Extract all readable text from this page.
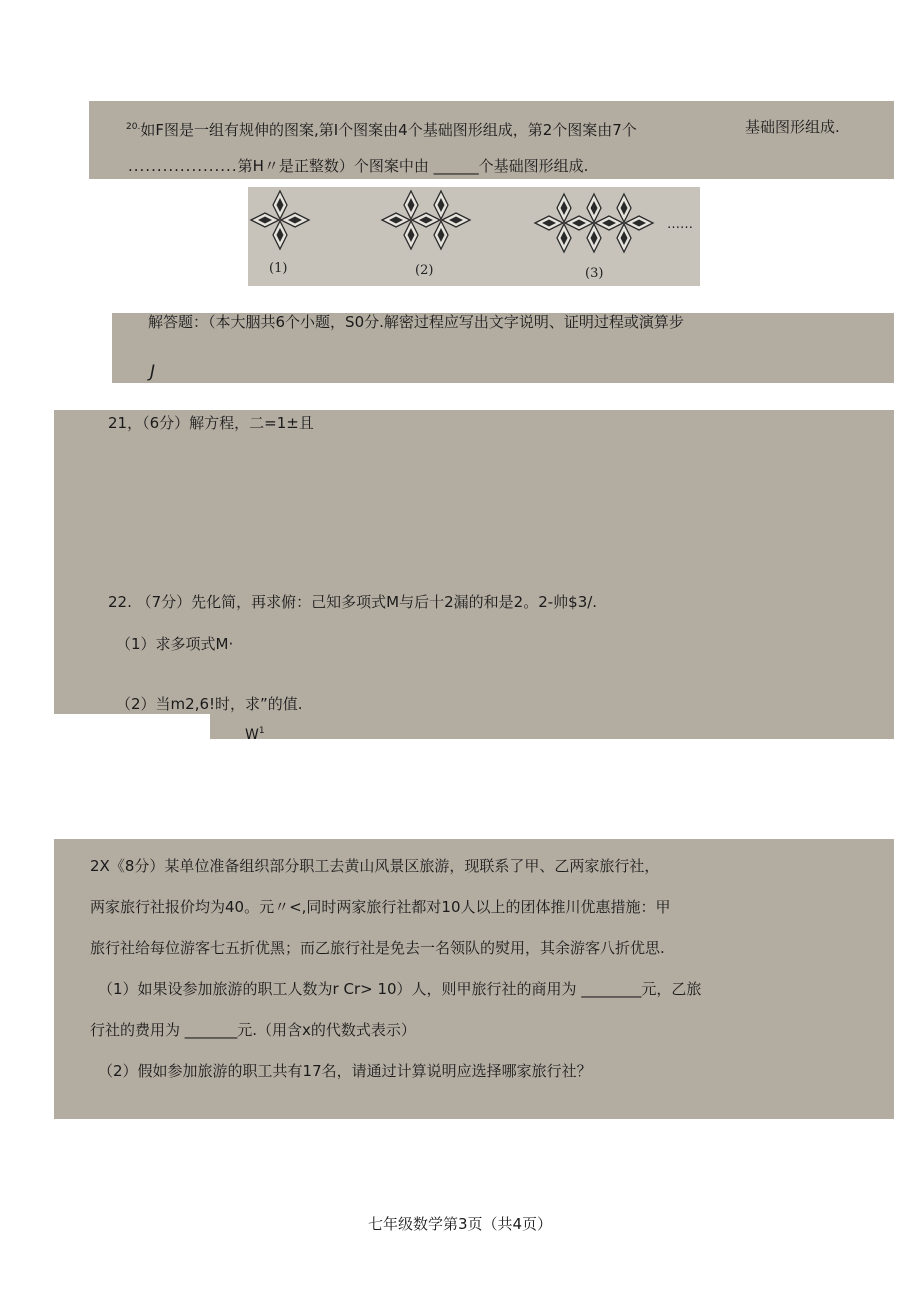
$^{20.}$如F图是一组有规伸的图案,第I个图案由4个基础图形组成，第2个图案由7个	基础图形组成.
...................第H〃是正整数）个图案中由 ______个基础图形组成.
(1)	(2)	(3)
……
解答题：（本大胭共6个小题，S0分.解密过程应写出文字说明、证明过程或演算步
J
21，（6分）解方程，二=1±且
22. （7分）先化简，再求俯：己知多项式M与后十2漏的和是2。2-帅$3/.
（1）求多项式M·
（2）当m2,6!时，求”的值.
$W^1$
2X《8分）某单位准备组织部分职工去黄山风景区旅游，现联系了甲、乙两家旅行社，
两家旅行社报价均为40。元〃<,同时两家旅行社都对10人以上的团体推川优惠措施：甲
旅行社给每位游客七五折优黑；而乙旅行社是免去一名领队的熨用，其余游客八折优思.
（1）如果设参加旅游的职工人数为r Cr> 10）人，则甲旅行社的商用为 ________元，乙旅
行社的费用为 _______元.（用含x的代数式表示）
（2）假如参加旅游的职工共有17名，请通过计算说明应选择哪家旅行社？
七年级数学第3页（共4页）
